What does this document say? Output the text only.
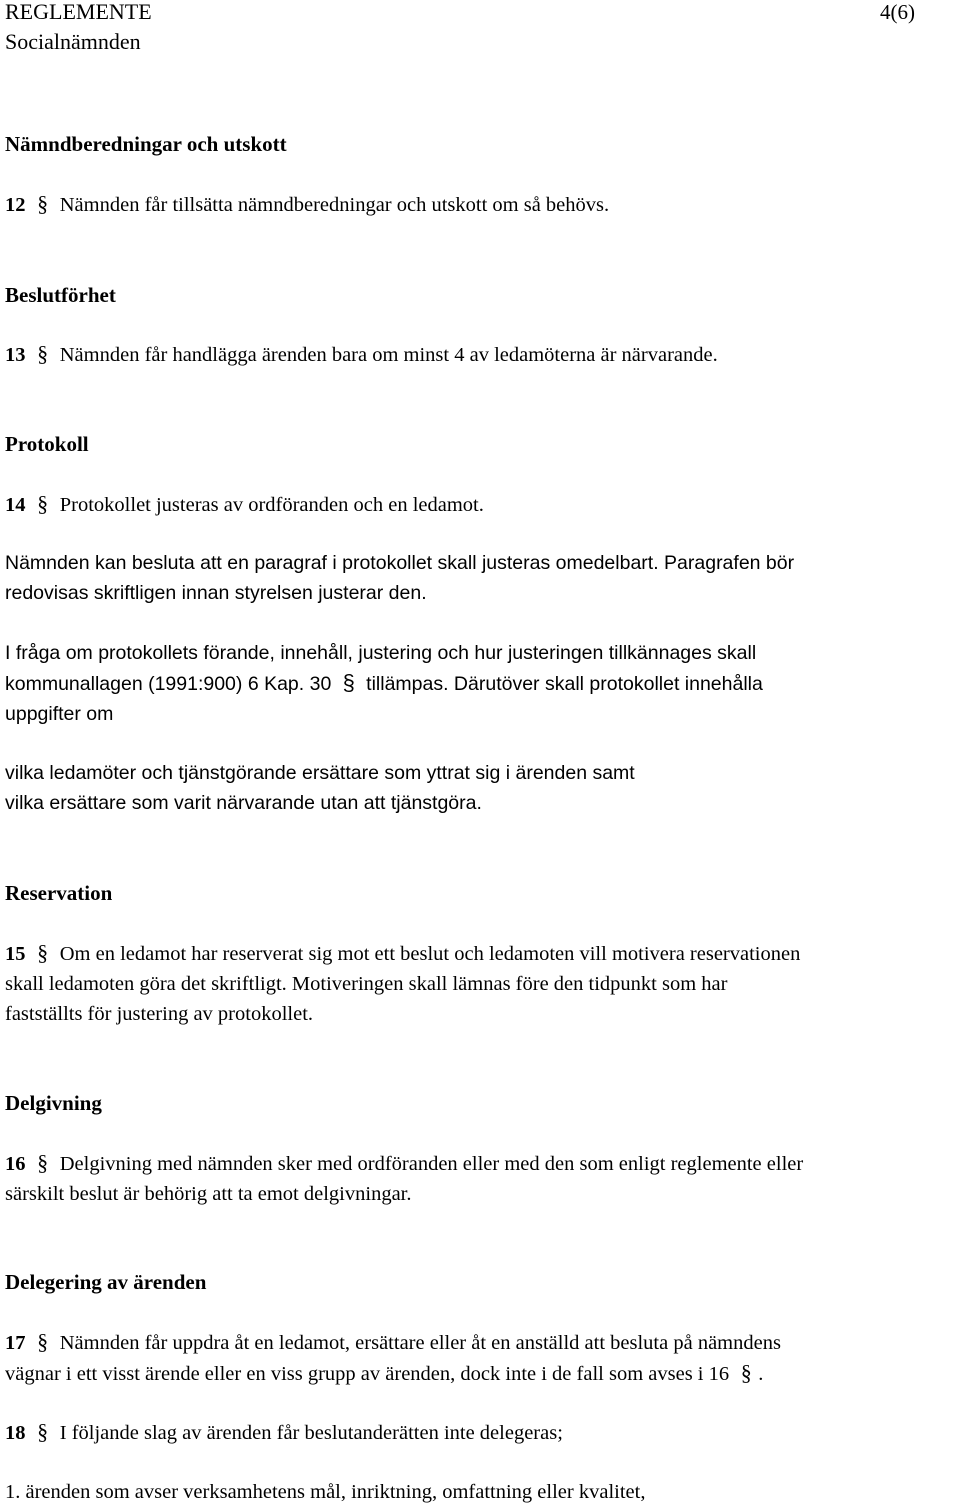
REGLEMENTE
Socialnämnden
4(6)
Nämndberedningar och utskott

12 § Nämnden får tillsätta nämndberedningar och utskott om så behövs.

Beslutförhet

13 § Nämnden får handlägga ärenden bara om minst 4 av ledamöterna är närvarande.

Protokoll

14 § Protokollet justeras av ordföranden och en ledamot.

Nämnden kan besluta att en paragraf i protokollet skall justeras omedelbart. Paragrafen bör
redovisas skriftligen innan styrelsen justerar den.

I fråga om protokollets förande, innehåll, justering och hur justeringen tillkännages skall
kommunallagen (1991:900) 6 Kap. 30 § tillämpas. Därutöver skall protokollet innehålla
uppgifter om

vilka ledamöter och tjänstgörande ersättare som yttrat sig i ärenden samt
vilka ersättare som varit närvarande utan att tjänstgöra.

Reservation

15 § Om en ledamot har reserverat sig mot ett beslut och ledamoten vill motivera reservationen
skall ledamoten göra det skriftligt. Motiveringen skall lämnas före den tidpunkt som har
fastställts för justering av protokollet.

Delgivning

16 § Delgivning med nämnden sker med ordföranden eller med den som enligt reglemente eller
särskilt beslut är behörig att ta emot delgivningar.

Delegering av ärenden

17 § Nämnden får uppdra åt en ledamot, ersättare eller åt en anställd att besluta på nämndens
vägnar i ett visst ärende eller en viss grupp av ärenden, dock inte i de fall som avses i 16 § .

18 § I följande slag av ärenden får beslutanderätten inte delegeras;

1. ärenden som avser verksamhetens mål, inriktning, omfattning eller kvalitet,
